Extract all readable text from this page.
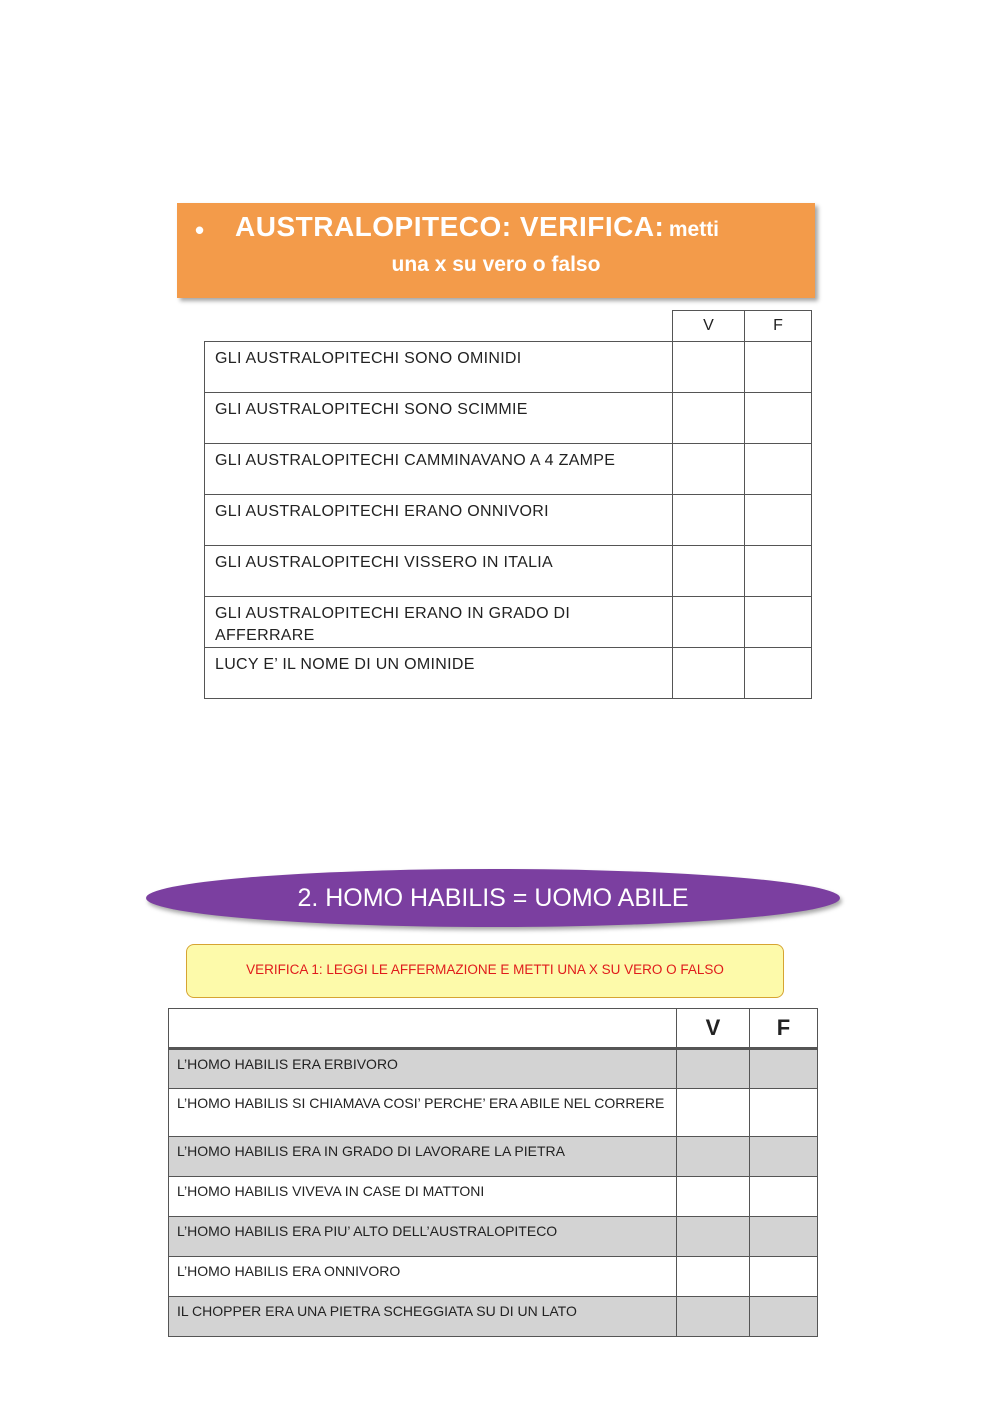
• AUSTRALOPITECO: VERIFICA: metti
una x su vero o falso
	V	F
GLI AUSTRALOPITECHI SONO OMINIDI		
GLI AUSTRALOPITECHI SONO SCIMMIE		
GLI AUSTRALOPITECHI CAMMINAVANO A 4 ZAMPE		
GLI AUSTRALOPITECHI ERANO ONNIVORI		
GLI AUSTRALOPITECHI VISSERO IN ITALIA		
GLI AUSTRALOPITECHI ERANO IN GRADO DI AFFERRARE		
LUCY E’ IL NOME DI UN OMINIDE		
2. HOMO HABILIS = UOMO ABILE
VERIFICA 1: LEGGI LE AFFERMAZIONE E METTI UNA X SU VERO O FALSO
	V	F
L’HOMO HABILIS ERA ERBIVORO		
L’HOMO HABILIS SI CHIAMAVA COSI’ PERCHE’ ERA ABILE NEL CORRERE		
L’HOMO HABILIS ERA IN GRADO DI LAVORARE LA PIETRA		
L’HOMO HABILIS VIVEVA IN CASE DI MATTONI		
L’HOMO HABILIS ERA PIU’ ALTO DELL’AUSTRALOPITECO		
L’HOMO HABILIS ERA ONNIVORO		
IL CHOPPER ERA UNA PIETRA SCHEGGIATA SU DI UN LATO		
